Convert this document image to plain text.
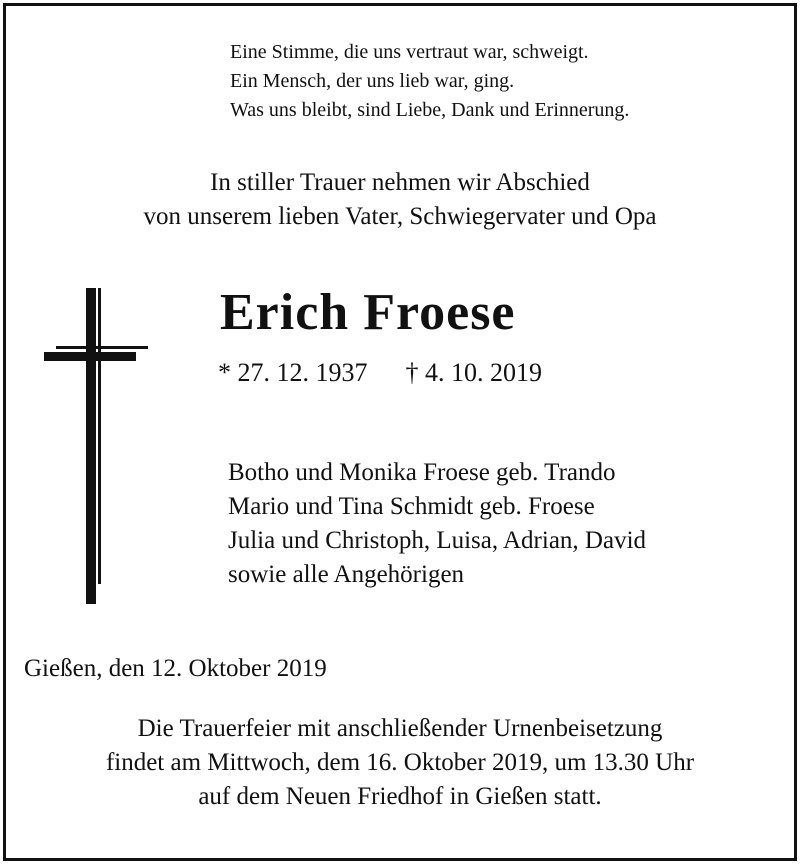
Eine Stimme, die uns vertraut war, schweigt.
Ein Mensch, der uns lieb war, ging.
Was uns bleibt, sind Liebe, Dank und Erinnerung.
In stiller Trauer nehmen wir Abschied
von unserem lieben Vater, Schwiegervater und Opa
Erich Froese
* 27. 12. 1937 † 4. 10. 2019
Botho und Monika Froese geb. Trando
Mario und Tina Schmidt geb. Froese
Julia und Christoph, Luisa, Adrian, David
sowie alle Angehörigen
Gießen, den 12. Oktober 2019
Die Trauerfeier mit anschließender Urnenbeisetzung
findet am Mittwoch, dem 16. Oktober 2019, um 13.30 Uhr
auf dem Neuen Friedhof in Gießen statt.
